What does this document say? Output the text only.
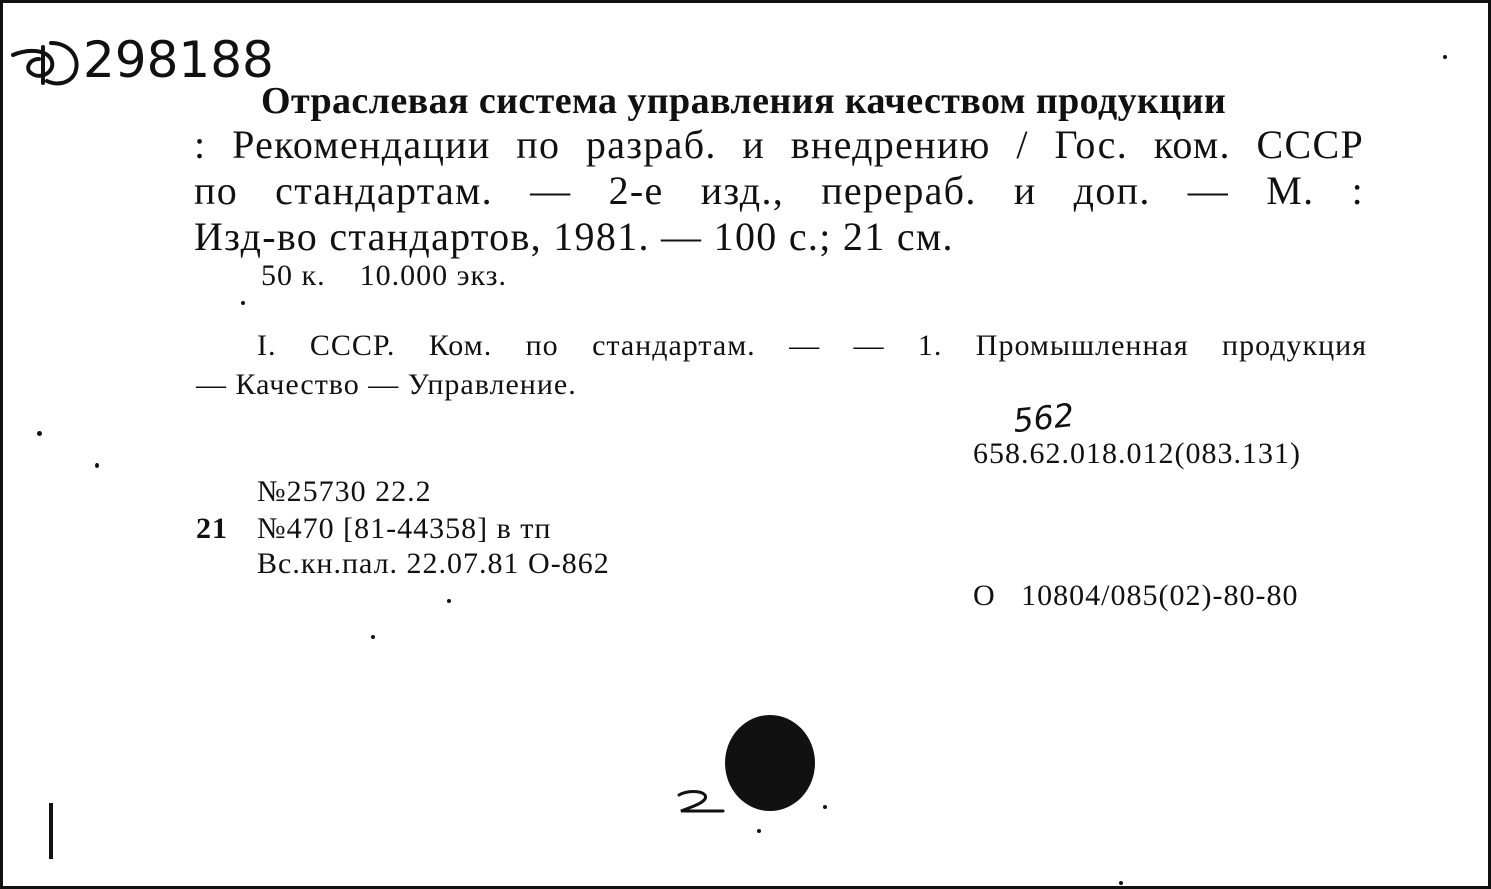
298188
Отраслевая система управления качеством продукции
: Рекомендации по разраб. и внедрению / Гос. ком. СССР
по стандартам. — 2-е изд., перераб. и доп. — М. :
Изд-во стандартов, 1981. — 100 с.; 21 см.
50 к.    10.000 экз.
I. СССР. Ком. по стандартам. — — 1. Промышленная продукция
— Качество — Управление.
562
658.62.018.012(083.131)
№25730 22.2
21 №470 [81-44358] в тп
Вс.кн.пал. 22.07.81 О-862
О   10804/085(02)-80-80
